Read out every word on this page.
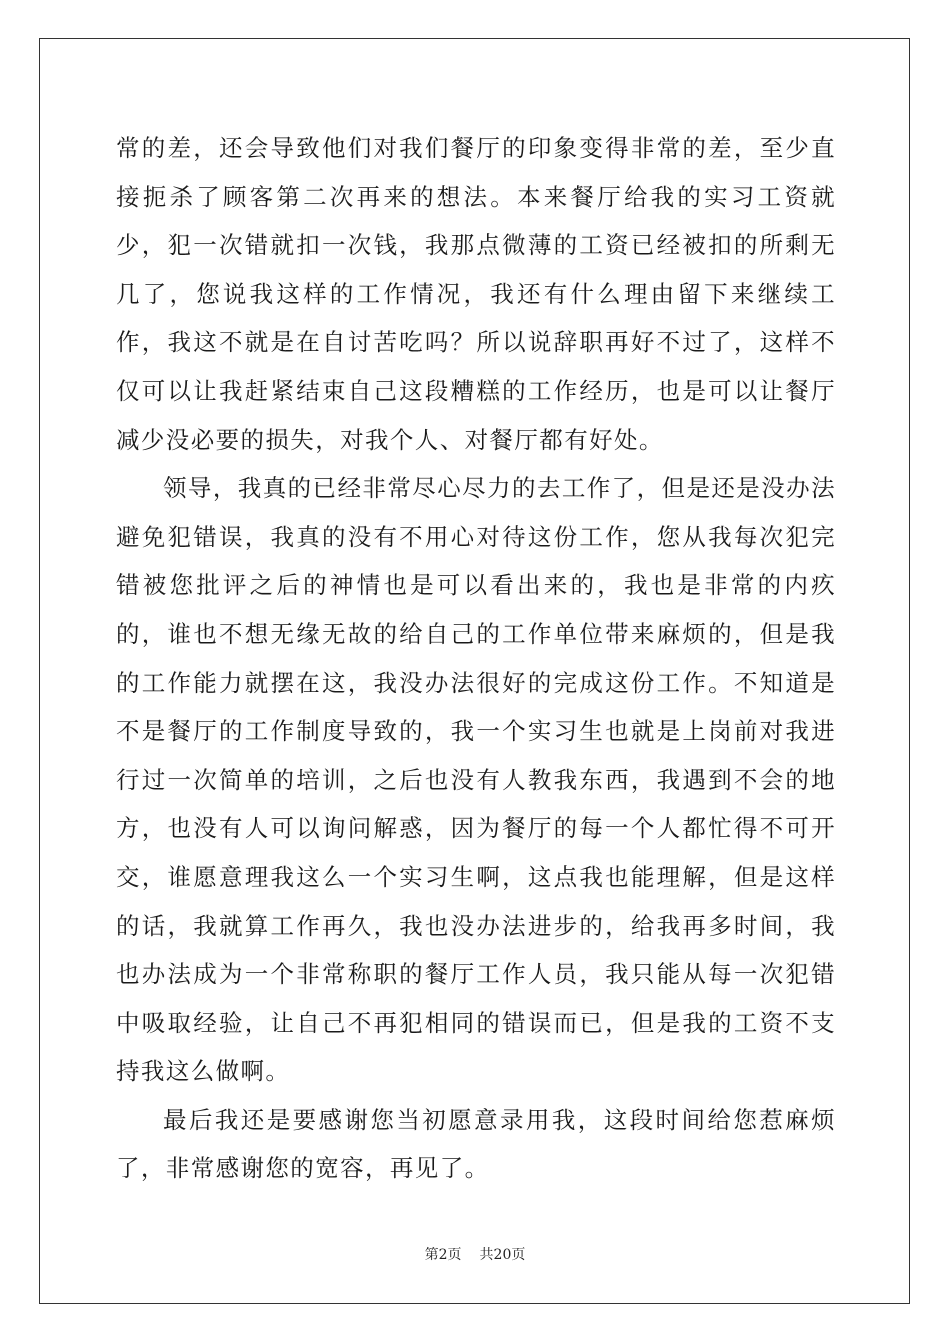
常的差，还会导致他们对我们餐厅的印象变得非常的差，至少直接扼杀了顾客第二次再来的想法。本来餐厅给我的实习工资就少，犯一次错就扣一次钱，我那点微薄的工资已经被扣的所剩无几了，您说我这样的工作情况，我还有什么理由留下来继续工作，我这不就是在自讨苦吃吗？所以说辞职再好不过了，这样不仅可以让我赶紧结束自己这段糟糕的工作经历，也是可以让餐厅减少没必要的损失，对我个人、对餐厅都有好处。

领导，我真的已经非常尽心尽力的去工作了，但是还是没办法避免犯错误，我真的没有不用心对待这份工作，您从我每次犯完错被您批评之后的神情也是可以看出来的，我也是非常的内疚的，谁也不想无缘无故的给自己的工作单位带来麻烦的，但是我的工作能力就摆在这，我没办法很好的完成这份工作。不知道是不是餐厅的工作制度导致的，我一个实习生也就是上岗前对我进行过一次简单的培训，之后也没有人教我东西，我遇到不会的地方，也没有人可以询问解惑，因为餐厅的每一个人都忙得不可开交，谁愿意理我这么一个实习生啊，这点我也能理解，但是这样的话，我就算工作再久，我也没办法进步的，给我再多时间，我也办法成为一个非常称职的餐厅工作人员，我只能从每一次犯错中吸取经验，让自己不再犯相同的错误而已，但是我的工资不支持我这么做啊。

最后我还是要感谢您当初愿意录用我，这段时间给您惹麻烦了，非常感谢您的宽容，再见了。

第2页 共20页
